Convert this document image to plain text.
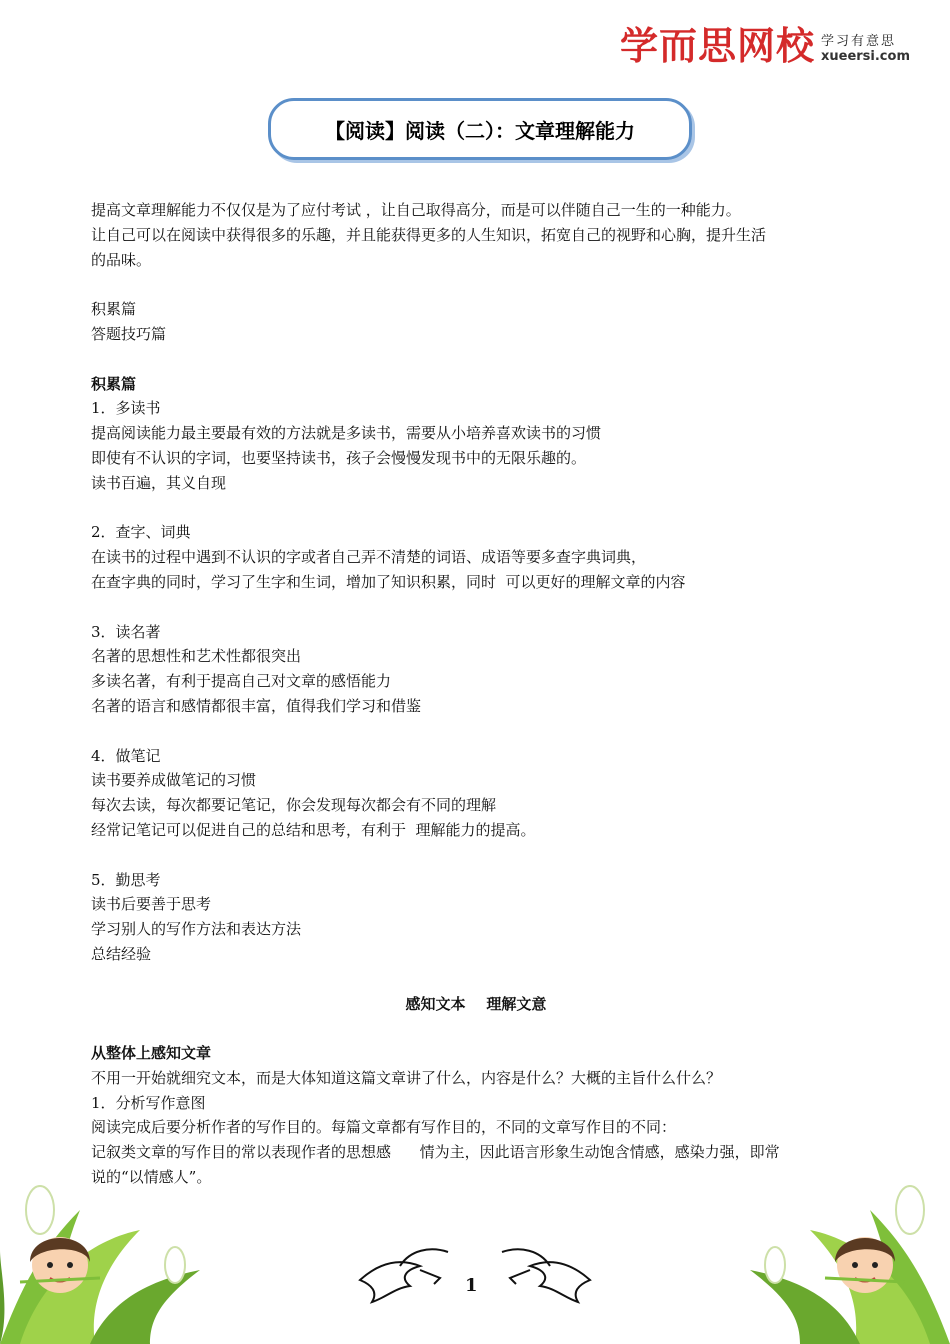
学而思网校 学习有意思
xueersi.com
【阅读】阅读（二）：文章理解能力
提高文章理解能力不仅仅是为了应付考试 ，让自己取得高分，而是可以伴随自己一生的一种能力。
让自己可以在阅读中获得很多的乐趣，并且能获得更多的人生知识，拓宽自己的视野和心胸，提升生活
的品味。
积累篇
答题技巧篇
积累篇
1．多读书
提高阅读能力最主要最有效的方法就是多读书，需要从小培养喜欢读书的习惯
即使有不认识的字词，也要坚持读书，孩子会慢慢发现书中的无限乐趣的。
读书百遍，其义自现
2．查字、词典
在读书的过程中遇到不认识的字或者自己弄不清楚的词语、成语等要多查字典词典，
在查字典的同时，学习了生字和生词，增加了知识积累，同时  可以更好的理解文章的内容
3．读名著
名著的思想性和艺术性都很突出
多读名著，有利于提高自己对文章的感悟能力
名著的语言和感情都很丰富，值得我们学习和借鉴
4．做笔记
读书要养成做笔记的习惯
每次去读，每次都要记笔记，你会发现每次都会有不同的理解
经常记笔记可以促进自己的总结和思考，有利于  理解能力的提高。
5．勤思考
读书后要善于思考
学习别人的写作方法和表达方法
总结经验
感知文本    理解文意
从整体上感知文章
不用一开始就细究文本，而是大体知道这篇文章讲了什么，内容是什么？大概的主旨什么什么？
1．分析写作意图
阅读完成后要分析作者的写作目的。每篇文章都有写作目的，不同的文章写作目的不同：
记叙类文章的写作目的常以表现作者的思想感      情为主，因此语言形象生动饱含情感，感染力强，即常
说的“以情感人”。
1
